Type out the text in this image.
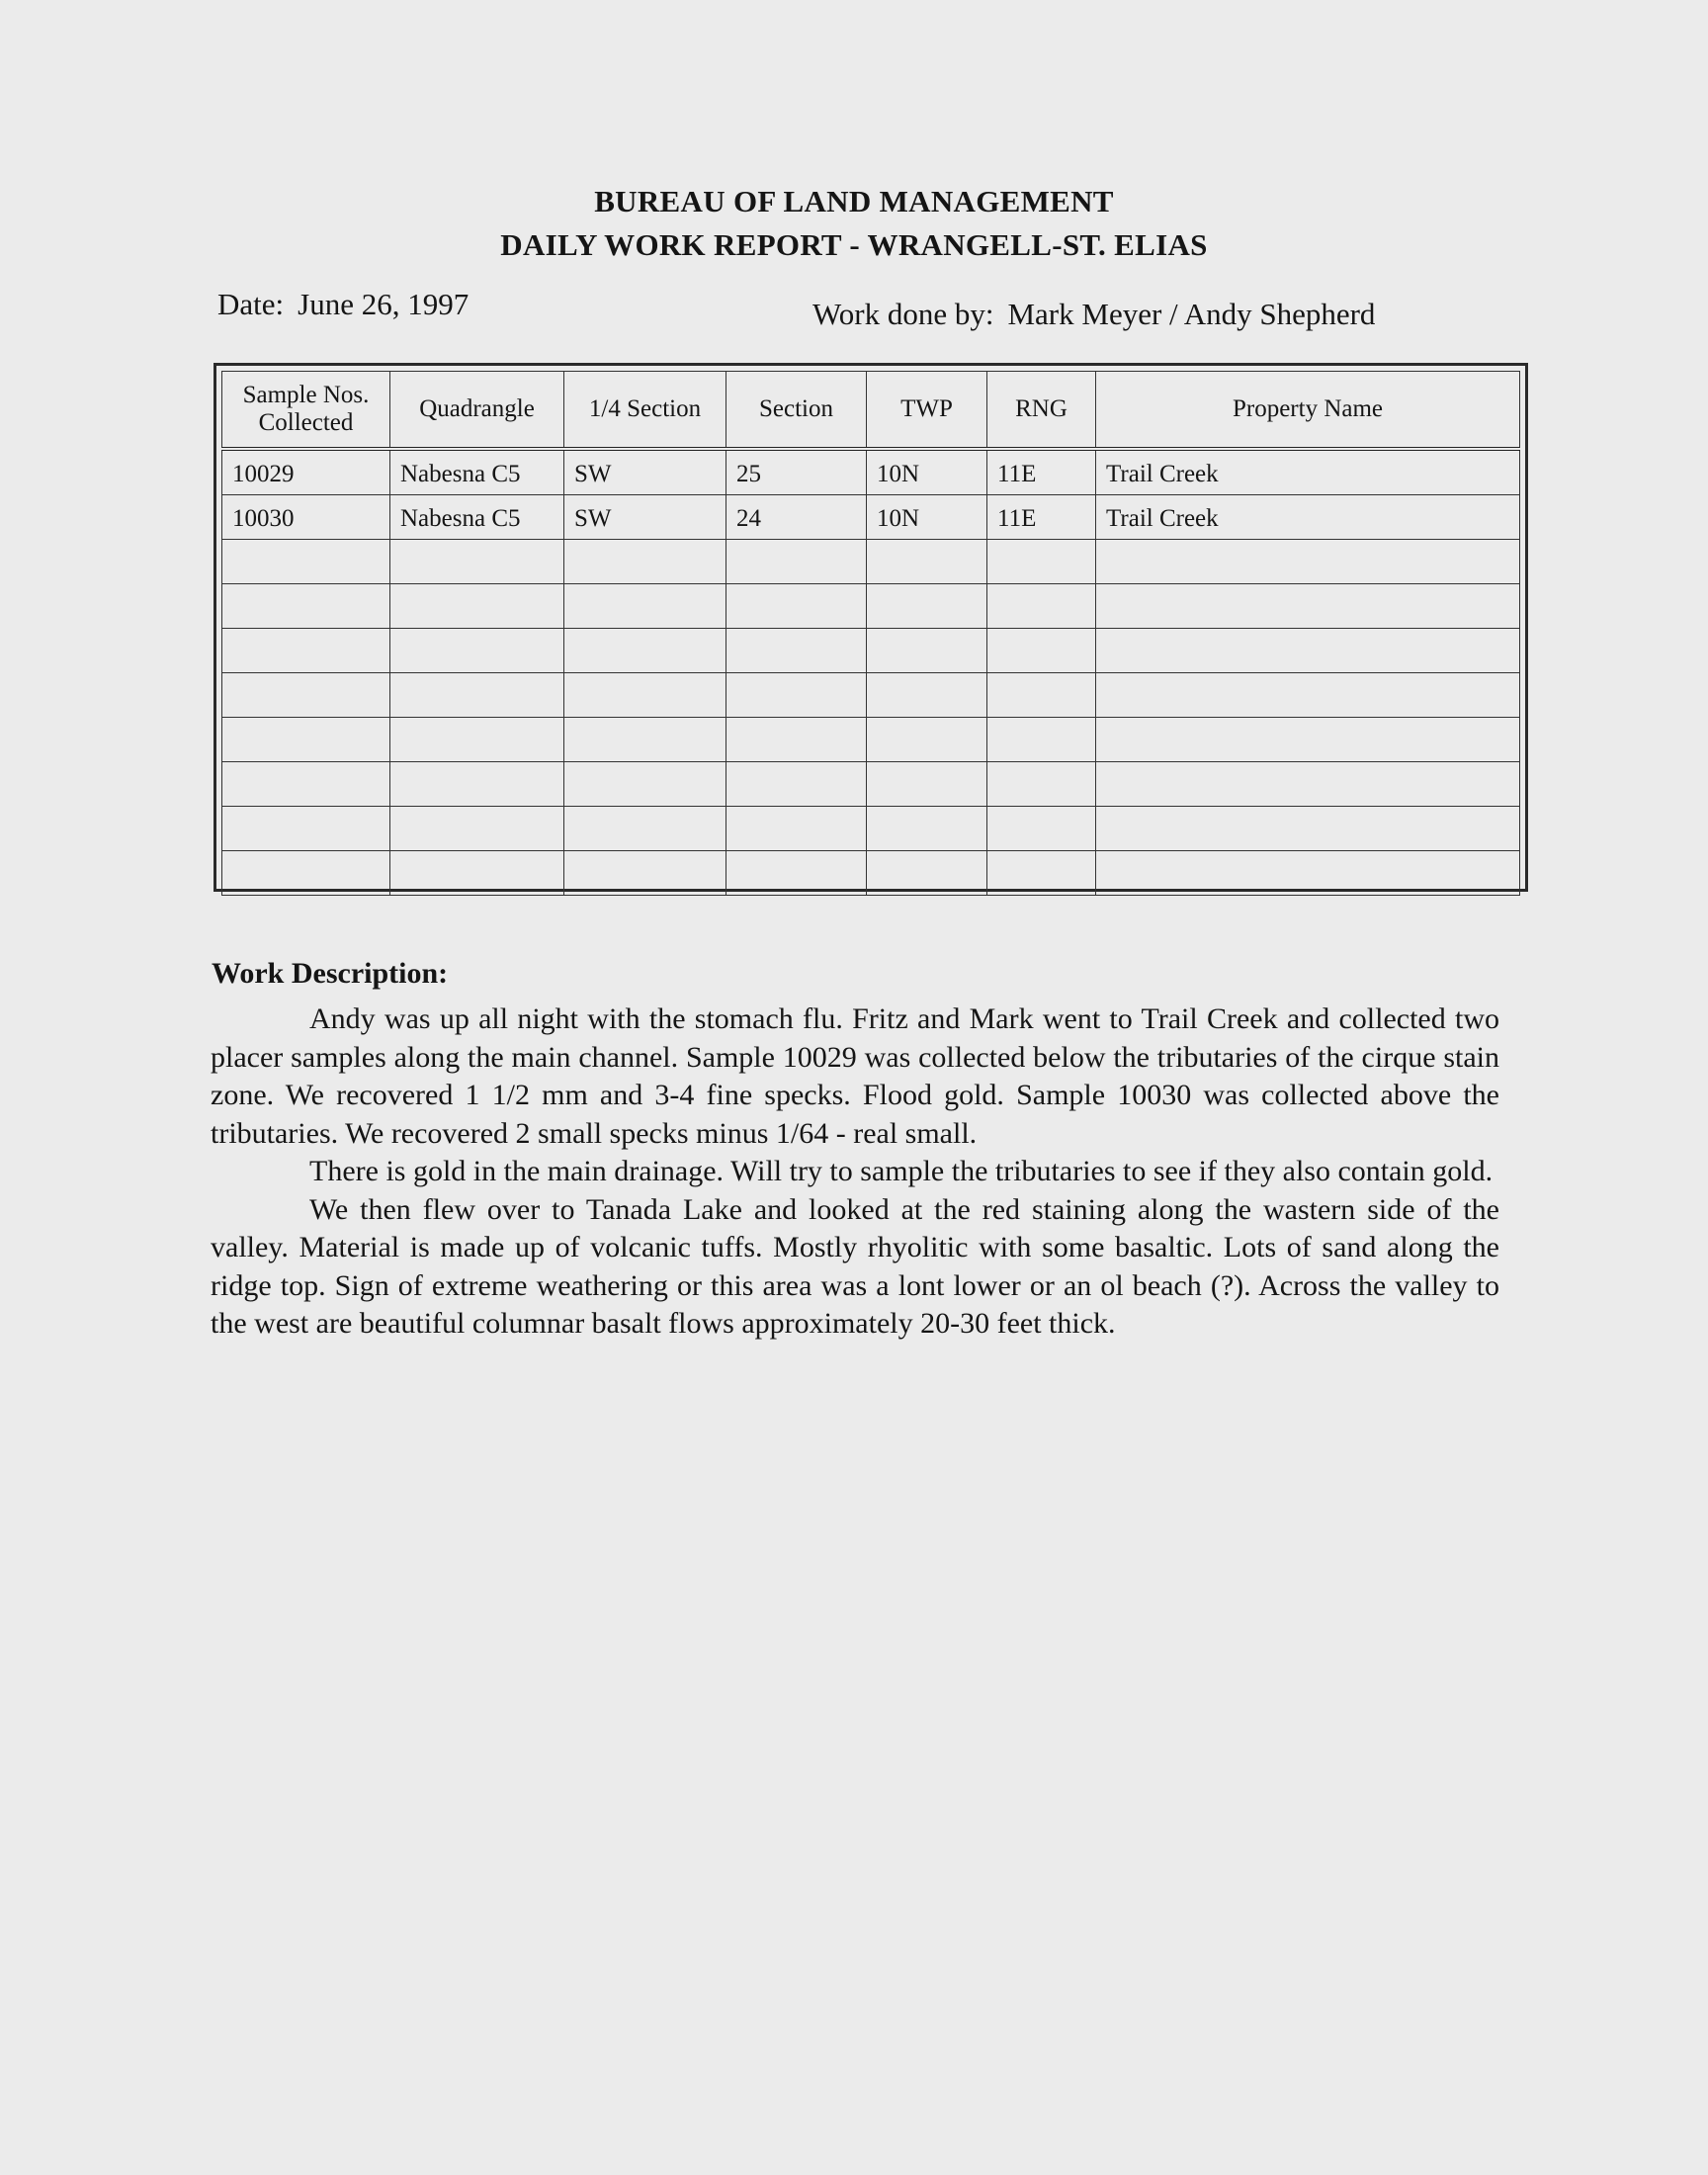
BUREAU OF LAND MANAGEMENT
DAILY WORK REPORT - WRANGELL-ST. ELIAS
Date: June 26, 1997	Work done by: Mark Meyer / Andy Shepherd
Sample Nos.
Collected	Quadrangle	1/4 Section	Section	TWP	RNG	Property Name
10029	Nabesna C5	SW	25	10N	11E	Trail Creek
10030	Nabesna C5	SW	24	10N	11E	Trail Creek

Work Description:

Andy was up all night with the stomach flu. Fritz and Mark went to Trail Creek and collected two placer samples along the main channel. Sample 10029 was collected below the tributaries of the cirque stain zone. We recovered 1 1/2 mm and 3-4 fine specks. Flood gold. Sample 10030 was collected above the tributaries. We recovered 2 small specks minus 1/64 - real small.

There is gold in the main drainage. Will try to sample the tributaries to see if they also contain gold.

We then flew over to Tanada Lake and looked at the red staining along the wastern side of the valley. Material is made up of volcanic tuffs. Mostly rhyolitic with some basaltic. Lots of sand along the ridge top. Sign of extreme weathering or this area was a lont lower or an ol beach (?). Across the valley to the west are beautiful columnar basalt flows approximately 20-30 feet thick.
